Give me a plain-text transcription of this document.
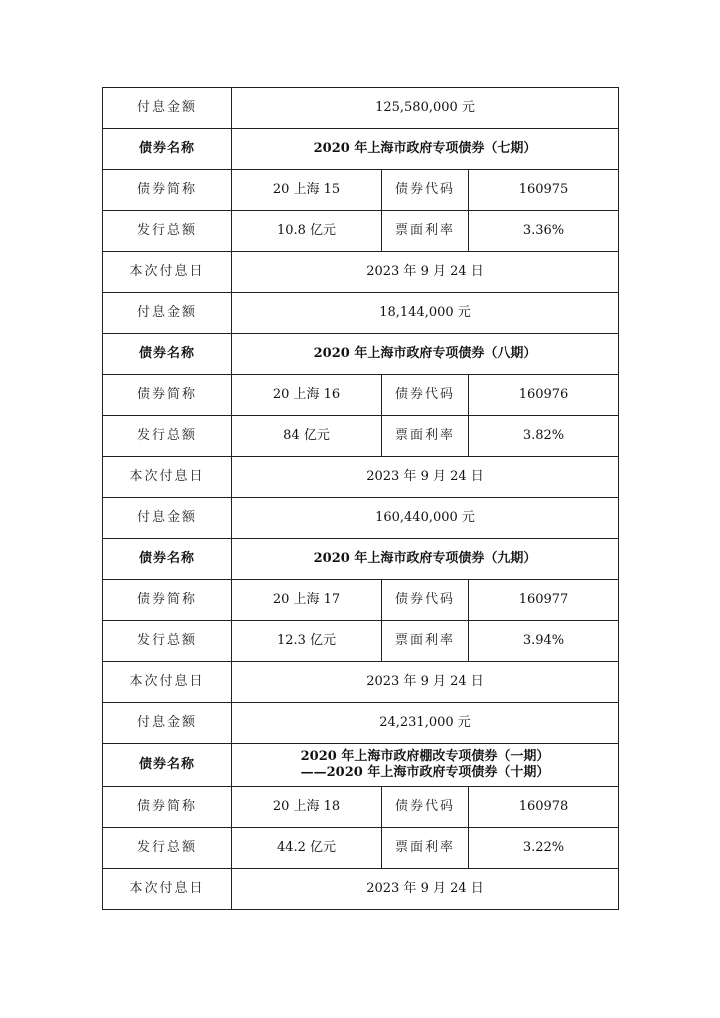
付息金额	125,580,000 元		
债券名称	2020 年上海市政府专项债券（七期）		

债券简称	20 上海 15	债券代码	160975
发行总额	10.8 亿元	票面利率	3.36%
本次付息日	2023 年 9 月 24 日		
付息金额	18,144,000 元		
债券名称	2020 年上海市政府专项债券（八期）		

债券简称	20 上海 16	债券代码	160976
发行总额	84 亿元	票面利率	3.82%
本次付息日	2023 年 9 月 24 日		
付息金额	160,440,000 元		
债券名称	2020 年上海市政府专项债券（九期）		

债券简称	20 上海 17	债券代码	160977
发行总额	12.3 亿元	票面利率	3.94%
本次付息日	2023 年 9 月 24 日		
付息金额	24,231,000 元		
债券名称	2020 年上海市政府棚改专项债券（一期）
——2020 年上海市政府专项债券（十期）		

债券简称	20 上海 18	债券代码	160978
发行总额	44.2 亿元	票面利率	3.22%
本次付息日	2023 年 9 月 24 日		
